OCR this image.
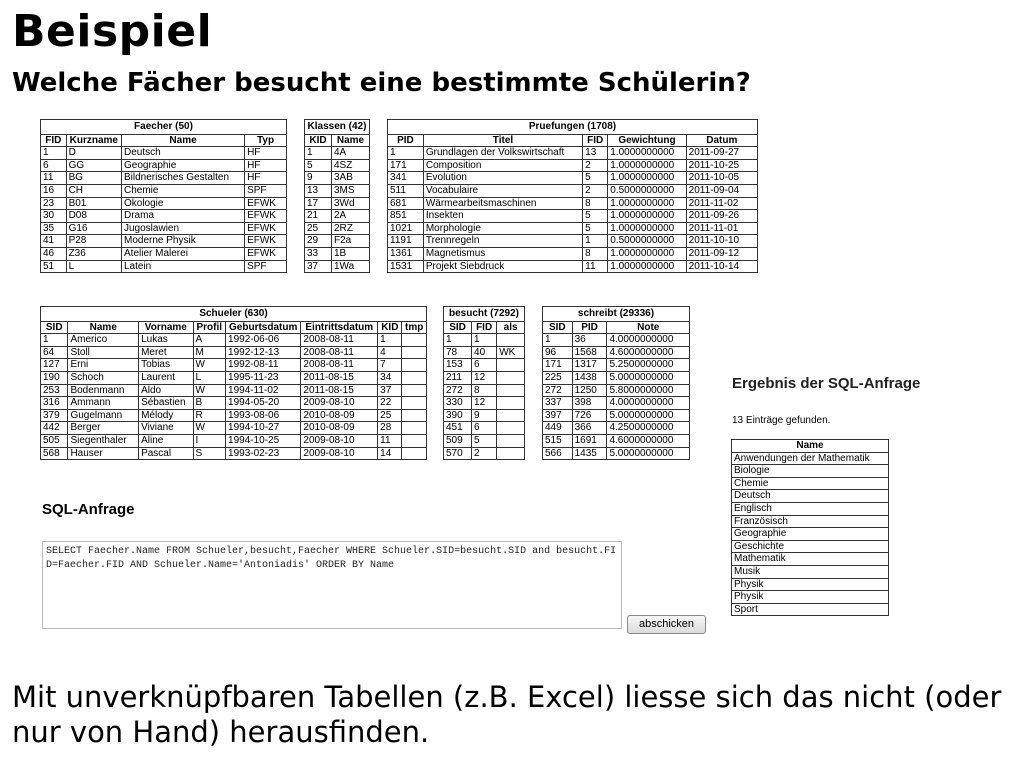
Beispiel
Welche Fächer besucht eine bestimmte Schülerin?
Faecher (50)
FID	Kurzname	Name	Typ
1	D	Deutsch	HF
6	GG	Geographie	HF
11	BG	Bildnerisches Gestalten	HF
16	CH	Chemie	SPF
23	B01	Ökologie	EFWK
30	D08	Drama	EFWK
35	G16	Jugoslawien	EFWK
41	P28	Moderne Physik	EFWK
46	Z36	Atelier Malerei	EFWK
51	L	Latein	SPF
Klassen (42)
KID	Name
1	4A
5	4SZ
9	3AB
13	3MS
17	3Wd
21	2A
25	2RZ
29	F2a
33	1B
37	1Wa
Pruefungen (1708)
PID	Titel	FID	Gewichtung	Datum
1	Grundlagen der Volkswirtschaft	13	1.0000000000	2011-09-27
171	Composition	2	1.0000000000	2011-10-25
341	Evolution	5	1.0000000000	2011-10-05
511	Vocabulaire	2	0.5000000000	2011-09-04
681	Wärmearbeitsmaschinen	8	1.0000000000	2011-11-02
851	Insekten	5	1.0000000000	2011-09-26
1021	Morphologie	5	1.0000000000	2011-11-01
1191	Trennregeln	1	0.5000000000	2011-10-10
1361	Magnetismus	8	1.0000000000	2011-09-12
1531	Projekt Siebdruck	11	1.0000000000	2011-10-14
Schueler (630)
SID	Name	Vorname	Profil	Geburtsdatum	Eintrittsdatum	KID	tmp
1	Americo	Lukas	A	1992-06-06	2008-08-11	1	
64	Stoll	Meret	M	1992-12-13	2008-08-11	4	
127	Erni	Tobias	W	1992-08-11	2008-08-11	7	
190	Schoch	Laurent	L	1995-11-23	2011-08-15	34	
253	Bodenmann	Aldo	W	1994-11-02	2011-08-15	37	
316	Ammann	Sébastien	B	1994-05-20	2009-08-10	22	
379	Gugelmann	Mélody	R	1993-08-06	2010-08-09	25	
442	Berger	Viviane	W	1994-10-27	2010-08-09	28	
505	Siegenthaler	Aline	I	1994-10-25	2009-08-10	11	
568	Hauser	Pascal	S	1993-02-23	2009-08-10	14	
besucht (7292)
SID	FID	als
1	1	
78	40	WK
153	6	
211	12	
272	8	
330	12	
390	9	
451	6	
509	5	
570	2	
schreibt (29336)
SID	PID	Note
1	36	4.0000000000
96	1568	4.6000000000
171	1317	5.2500000000
225	1438	5.0000000000
272	1250	5.8000000000
337	398	4.0000000000
397	726	5.0000000000
449	366	4.2500000000
515	1691	4.6000000000
566	1435	5.0000000000
SQL-Anfrage
SELECT Faecher.Name FROM Schueler,besucht,Faecher WHERE Schueler.SID=besucht.SID and besucht.FID=Faecher.FID AND Schueler.Name='Antoniadis' ORDER BY Name
abschicken
Ergebnis der SQL-Anfrage
13 Einträge gefunden.
Name
Anwendungen der Mathematik
Biologie
Chemie
Deutsch
Englisch
Französisch
Geographie
Geschichte
Mathematik
Musik
Physik
Physik
Sport
Mit unverknüpfbaren Tabellen (z.B. Excel) liesse sich das nicht (oder nur von Hand) herausfinden.
